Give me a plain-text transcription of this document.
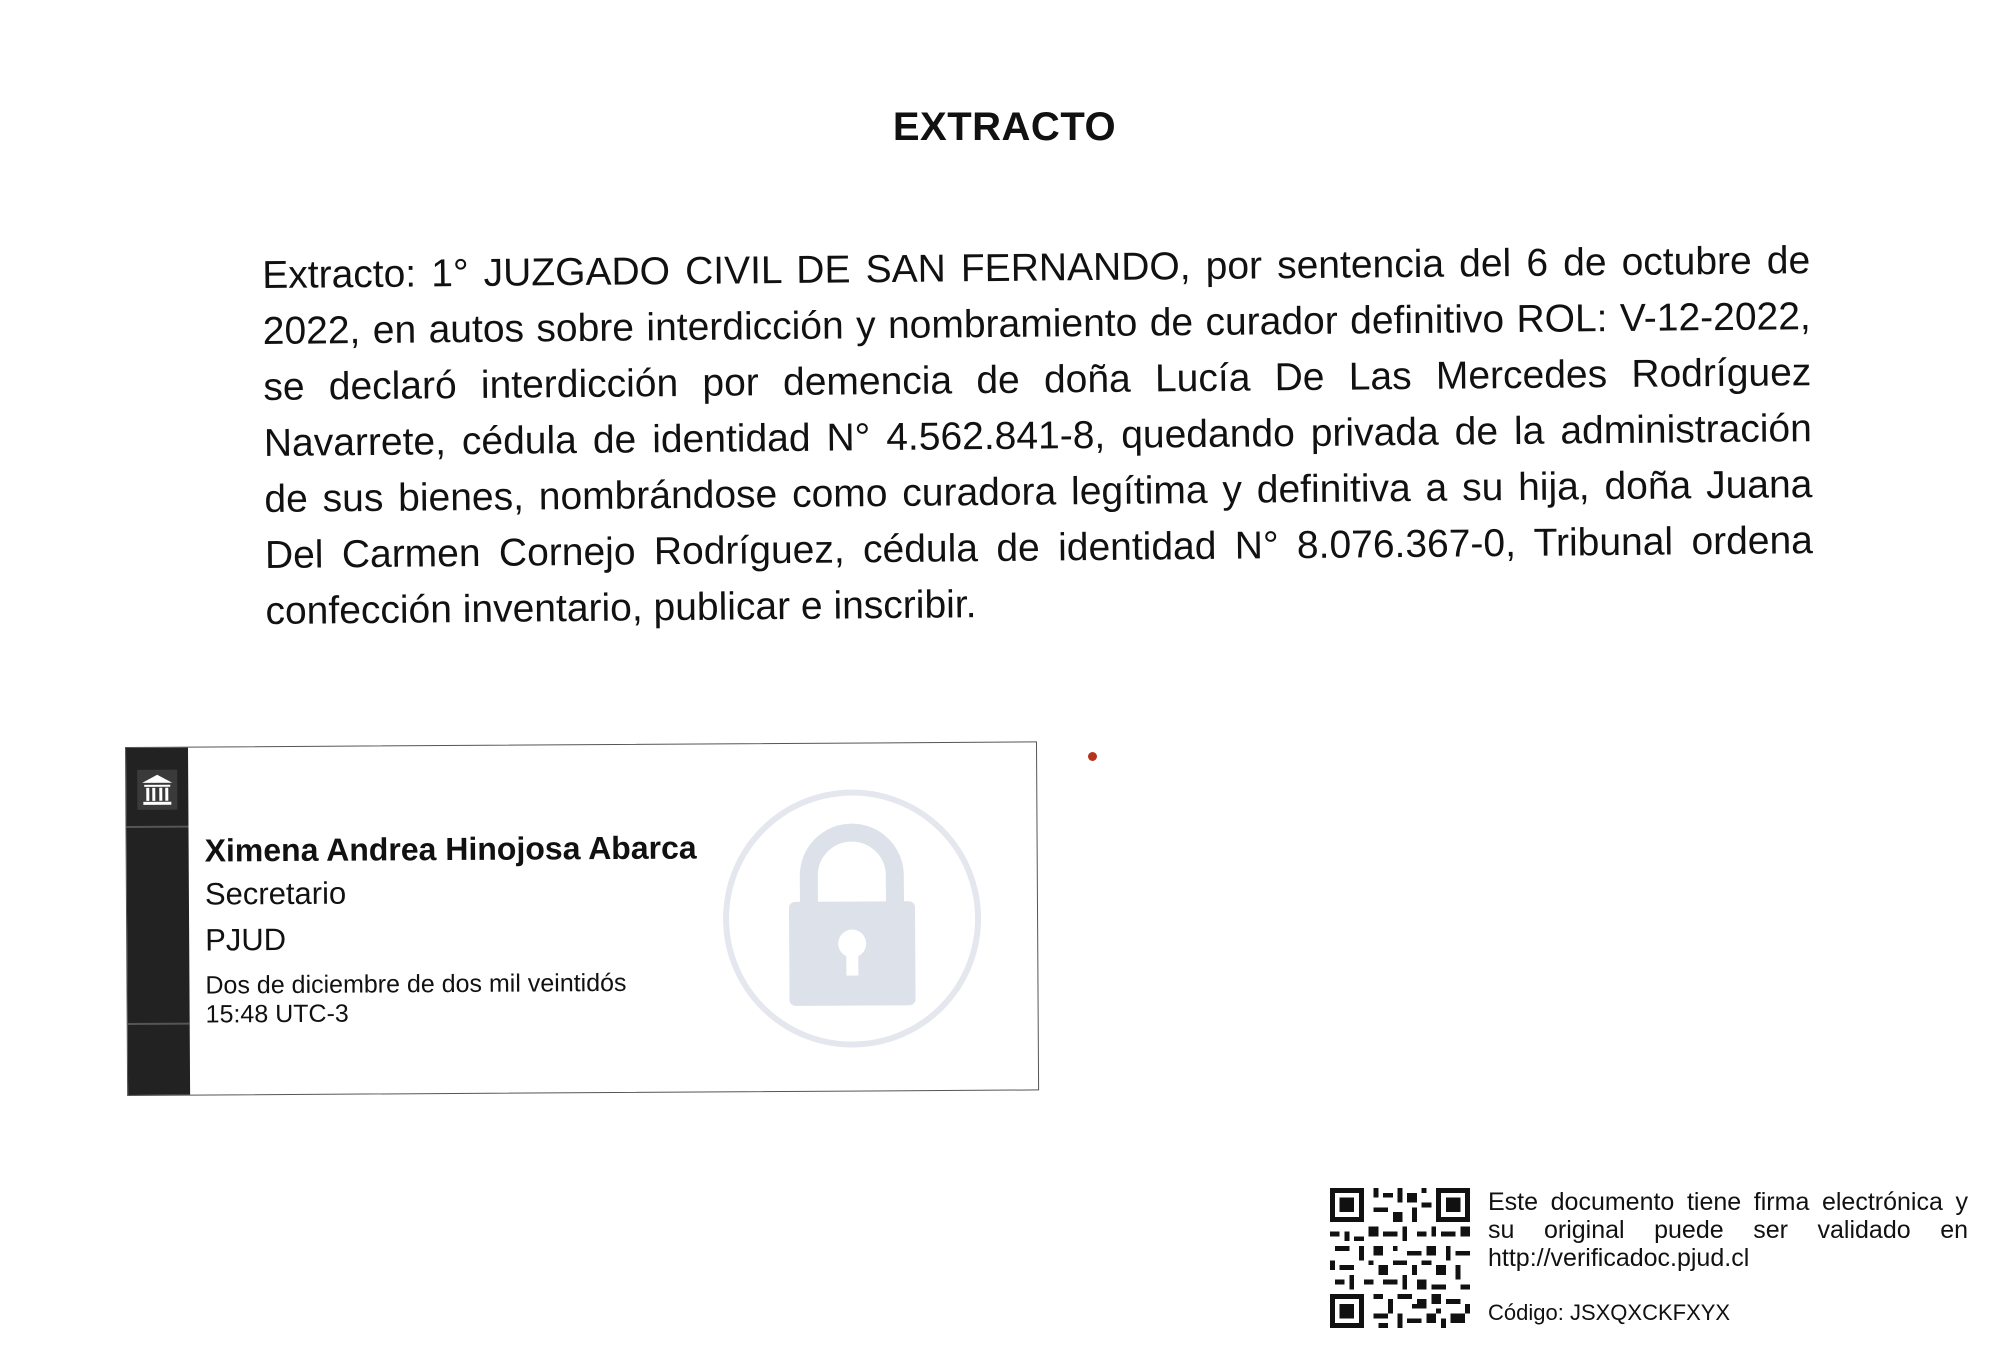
EXTRACTO
Extracto: 1° JUZGADO CIVIL DE SAN FERNANDO, por sentencia del 6 de octubre de 2022, en autos sobre interdicción y nombramiento de curador definitivo ROL: V-12-2022, se declaró interdicción por demencia de doña Lucía De Las Mercedes Rodríguez Navarrete, cédula de identidad N° 4.562.841-8, quedando privada de la administración de sus bienes, nombrándose como curadora legítima y definitiva a su hija, doña Juana Del Carmen Cornejo Rodríguez, cédula de identidad N° 8.076.367-0, Tribunal ordena confección inventario, publicar e inscribir.
Ximena Andrea Hinojosa Abarca
Secretario
PJUD
Dos de diciembre de dos mil veintidós
15:48 UTC-3
Este documento tiene firma electrónica y su original puede ser validado en http://verificadoc.pjud.cl
Código: JSXQXCKFXYX
